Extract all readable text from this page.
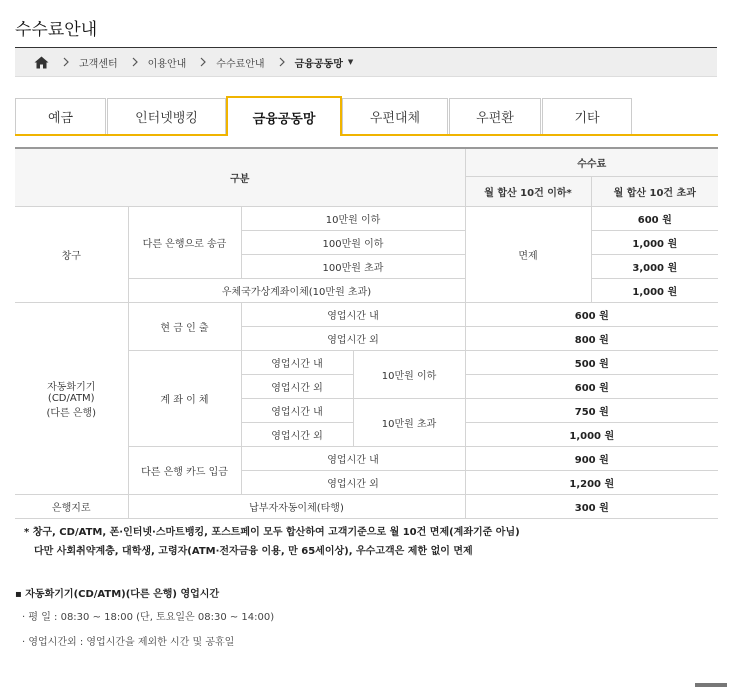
수수료안내
고객센터	이용안내	수수료안내	금융공동망 ▼
예금	인터넷뱅킹	금융공동망	우편대체	우편환	기타
구분				수수료	
				월 합산 10건 이하*	월 합산 10건 초과
창구	다른 은행으로 송금	10만원 이하		면제	600 원
		100만원 이하			1,000 원
		100만원 초과			3,000 원
	우체국가상계좌이체(10만원 초과)				1,000 원
자동화기기
(CD/ATM)
(다른 은행)	현 금 인 출	영업시간 내		600 원	
		영업시간 외		800 원	
	계 좌 이 체	영업시간 내	10만원 이하	500 원	
		영업시간 외		600 원	
		영업시간 내	10만원 초과	750 원	
		영업시간 외		1,000 원	
	다른 은행 카드 입금	영업시간 내		900 원	
		영업시간 외		1,200 원	
은행지로	납부자자동이체(타행)			300 원	
* 창구, CD/ATM, 폰·인터넷·스마트뱅킹, 포스트페이 모두 합산하여 고객기준으로 월 10건 면제(계좌기준 아님)
다만 사회취약계층, 대학생, 고령자(ATM·전자금융 이용, 만 65세이상), 우수고객은 제한 없이 면제
▪ 자동화기기(CD/ATM)(다른 은행) 영업시간
· 평 일 : 08:30 ~ 18:00 (단, 토요일은 08:30 ~ 14:00)
· 영업시간외 : 영업시간을 제외한 시간 및 공휴일
